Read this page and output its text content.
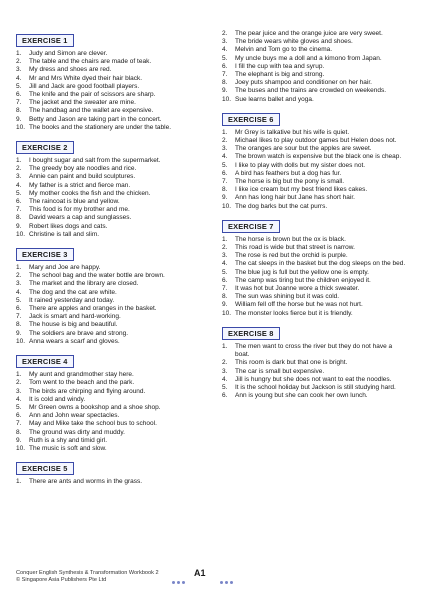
EXERCISE 1
1.	Judy and Simon are clever.
2.	The table and the chairs are made of teak.
3.	My dress and shoes are red.
4.	Mr and Mrs White dyed their hair black.
5.	Jill and Jack are good football players.
6.	The knife and the pair of scissors are sharp.
7.	The jacket and the sweater are mine.
8.	The handbag and the wallet are expensive.
9.	Betty and Jason are taking part in the concert.
10. The books and the stationery are under the table.
EXERCISE 2
1.	I bought sugar and salt from the supermarket.
2.	The greedy boy ate noodles and rice.
3.	Annie can paint and build sculptures.
4.	My father is a strict and fierce man.
5.	My mother cooks the fish and the chicken.
6.	The raincoat is blue and yellow.
7.	This food is for my brother and me.
8.	David wears a cap and sunglasses.
9.	Robert likes dogs and cats.
10. Christine is tall and slim.
EXERCISE 3
1.	Mary and Joe are happy.
2.	The school bag and the water bottle are brown.
3.	The market and the library are closed.
4.	The dog and the cat are white.
5.	It rained yesterday and today.
6.	There are apples and oranges in the basket.
7.	Jack is smart and hard-working.
8.	The house is big and beautiful.
9.	The soldiers are brave and strong.
10. Anna wears a scarf and gloves.
EXERCISE 4
1.	My aunt and grandmother stay here.
2.	Tom went to the beach and the park.
3.	The birds are chirping and flying around.
4.	It is cold and windy.
5.	Mr Green owns a bookshop and a shoe shop.
6.	Ann and John wear spectacles.
7.	May and Mike take the school bus to school.
8.	The ground was dirty and muddy.
9.	Ruth is a shy and timid girl.
10. The music is soft and slow.
EXERCISE 5
1.	There are ants and worms in the grass.
2.	The pear juice and the orange juice are very sweet.
3.	The bride wears white gloves and shoes.
4.	Melvin and Tom go to the cinema.
5.	My uncle buys me a doll and a kimono from Japan.
6.	I fill the cup with tea and syrup.
7.	The elephant is big and strong.
8.	Joey puts shampoo and conditioner on her hair.
9.	The buses and the trains are crowded on weekends.
10. Sue learns ballet and yoga.
EXERCISE 6
1.	Mr Grey is talkative but his wife is quiet.
2.	Michael likes to play outdoor games but Helen does not.
3.	The oranges are sour but the apples are sweet.
4.	The brown watch is expensive but the black one is cheap.
5.	I like to play with dolls but my sister does not.
6.	A bird has feathers but a dog has fur.
7.	The horse is big but the pony is small.
8.	I like ice cream but my best friend likes cakes.
9.	Ann has long hair but Jane has short hair.
10. The dog barks but the cat purrs.
EXERCISE 7
1.	The horse is brown but the ox is black.
2.	This road is wide but that street is narrow.
3.	The rose is red but the orchid is purple.
4.	The cat sleeps in the basket but the dog sleeps on the bed.
5.	The blue jug is full but the yellow one is empty.
6.	The camp was tiring but the children enjoyed it.
7.	It was hot but Joanne wore a thick sweater.
8.	The sun was shining but it was cold.
9.	William fell off the horse but he was not hurt.
10. The monster looks fierce but it is friendly.
EXERCISE 8
1.	The men want to cross the river but they do not have a boat.
2.	This room is dark but that one is bright.
3.	The car is small but expensive.
4.	Jill is hungry but she does not want to eat the noodles.
5.	It is the school holiday but Jackson is still studying hard.
6.	Ann is young but she can cook her own lunch.
A1
Conquer English Synthesis & Transformation Workbook 2
© Singapore Asia Publishers Pte Ltd
